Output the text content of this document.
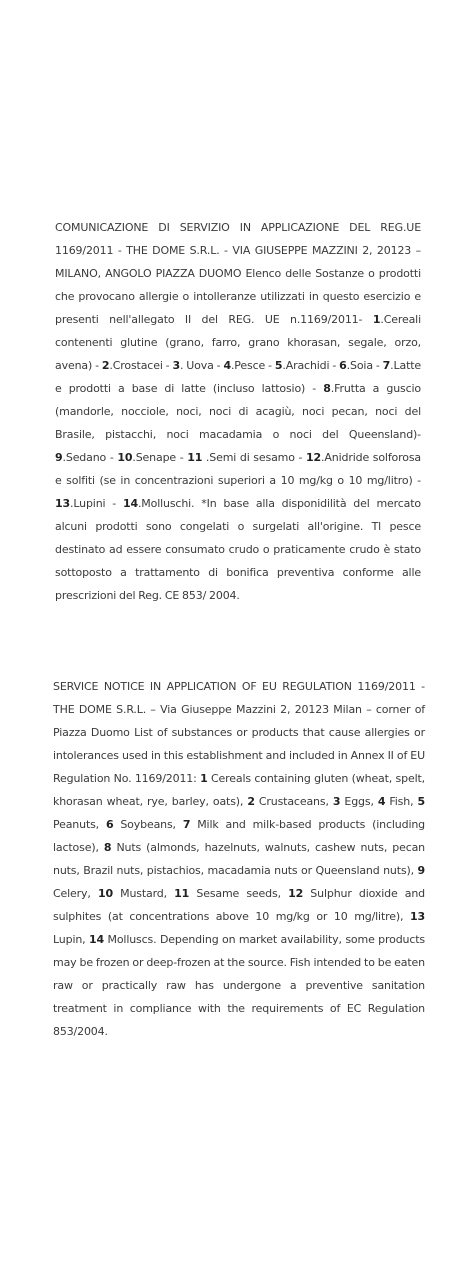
COMUNICAZIONE DI SERVIZIO IN APPLICAZIONE DEL REG.UE 1169/2011 - THE DOME S.R.L. - VIA GIUSEPPE MAZZINI 2, 20123 – MILANO, ANGOLO PIAZZA DUOMO Elenco delle Sostanze o prodotti che provocano allergie o intolleranze utilizzati in questo esercizio e presenti nell'allegato II del REG. UE n.1169/2011- 1.Cereali contenenti glutine (grano, farro, grano khorasan, segale, orzo, avena) - 2.Crostacei - 3. Uova - 4.Pesce - 5.Arachidi - 6.Soia - 7.Latte e prodotti a base di latte (incluso lattosio) - 8.Frutta a guscio (mandorle, nocciole, noci, noci di acagiù, noci pecan, noci del Brasile, pistacchi, noci macadamia o noci del Queensland)- 9.Sedano - 10.Senape - 11 .Semi di sesamo - 12.Anidride solforosa e solfiti (se in concentrazioni superiori a 10 mg/kg o 10 mg/litro) - 13.Lupini - 14.Molluschi. *In base alla disponidilità del mercato alcuni prodotti sono congelati o surgelati all'origine. Tl pesce destinato ad essere consumato crudo o praticamente crudo è stato sottoposto a trattamento di bonifica preventiva conforme alle prescrizioni del Reg. CE 853/ 2004.

SERVICE NOTICE IN APPLICATION OF EU REGULATION 1169/2011 - THE DOME S.R.L. – Via Giuseppe Mazzini 2, 20123 Milan – corner of Piazza Duomo List of substances or products that cause allergies or intolerances used in this establishment and included in Annex II of EU Regulation No. 1169/2011: 1 Cereals containing gluten (wheat, spelt, khorasan wheat, rye, barley, oats), 2 Crustaceans, 3 Eggs, 4 Fish, 5 Peanuts, 6 Soybeans, 7 Milk and milk-based products (including lactose), 8 Nuts (almonds, hazelnuts, walnuts, cashew nuts, pecan nuts, Brazil nuts, pistachios, macadamia nuts or Queensland nuts), 9 Celery, 10 Mustard, 11 Sesame seeds, 12 Sulphur dioxide and sulphites (at concentrations above 10 mg/kg or 10 mg/litre), 13 Lupin, 14 Molluscs. Depending on market availability, some products may be frozen or deep-frozen at the source. Fish intended to be eaten raw or practically raw has undergone a preventive sanitation treatment in compliance with the requirements of EC Regulation 853/2004.
